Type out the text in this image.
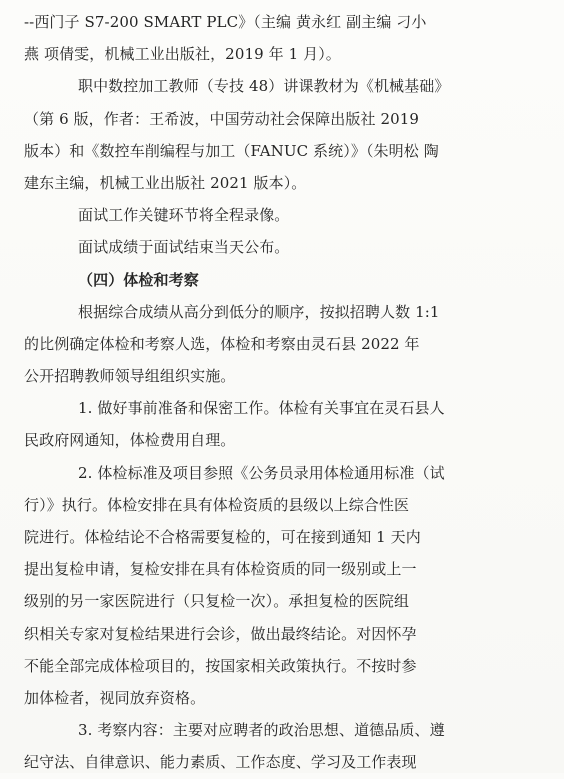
--西门子 S7-200 SMART PLC》（主编 黄永红 副主编 刁小
燕 项倩雯，机械工业出版社，2019 年 1 月）。
职中数控加工教师（专技 48）讲课教材为《机械基础》
（第 6 版，作者：王希波，中国劳动社会保障出版社 2019
版本）和《数控车削编程与加工（FANUC 系统）》（朱明松 陶
建东主编，机械工业出版社 2021 版本）。
面试工作关键环节将全程录像。
面试成绩于面试结束当天公布。
（四）体检和考察
根据综合成绩从高分到低分的顺序，按拟招聘人数 1:1
的比例确定体检和考察人选，体检和考察由灵石县 2022 年
公开招聘教师领导组组织实施。
1. 做好事前准备和保密工作。体检有关事宜在灵石县人
民政府网通知，体检费用自理。
2. 体检标准及项目参照《公务员录用体检通用标准（试
行）》执行。体检安排在具有体检资质的县级以上综合性医
院进行。体检结论不合格需要复检的，可在接到通知 1 天内
提出复检申请，复检安排在具有体检资质的同一级别或上一
级别的另一家医院进行（只复检一次）。承担复检的医院组
织相关专家对复检结果进行会诊，做出最终结论。对因怀孕
不能全部完成体检项目的，按国家相关政策执行。不按时参
加体检者，视同放弃资格。
3. 考察内容：主要对应聘者的政治思想、道德品质、遵
纪守法、自律意识、能力素质、工作态度、学习及工作表现
